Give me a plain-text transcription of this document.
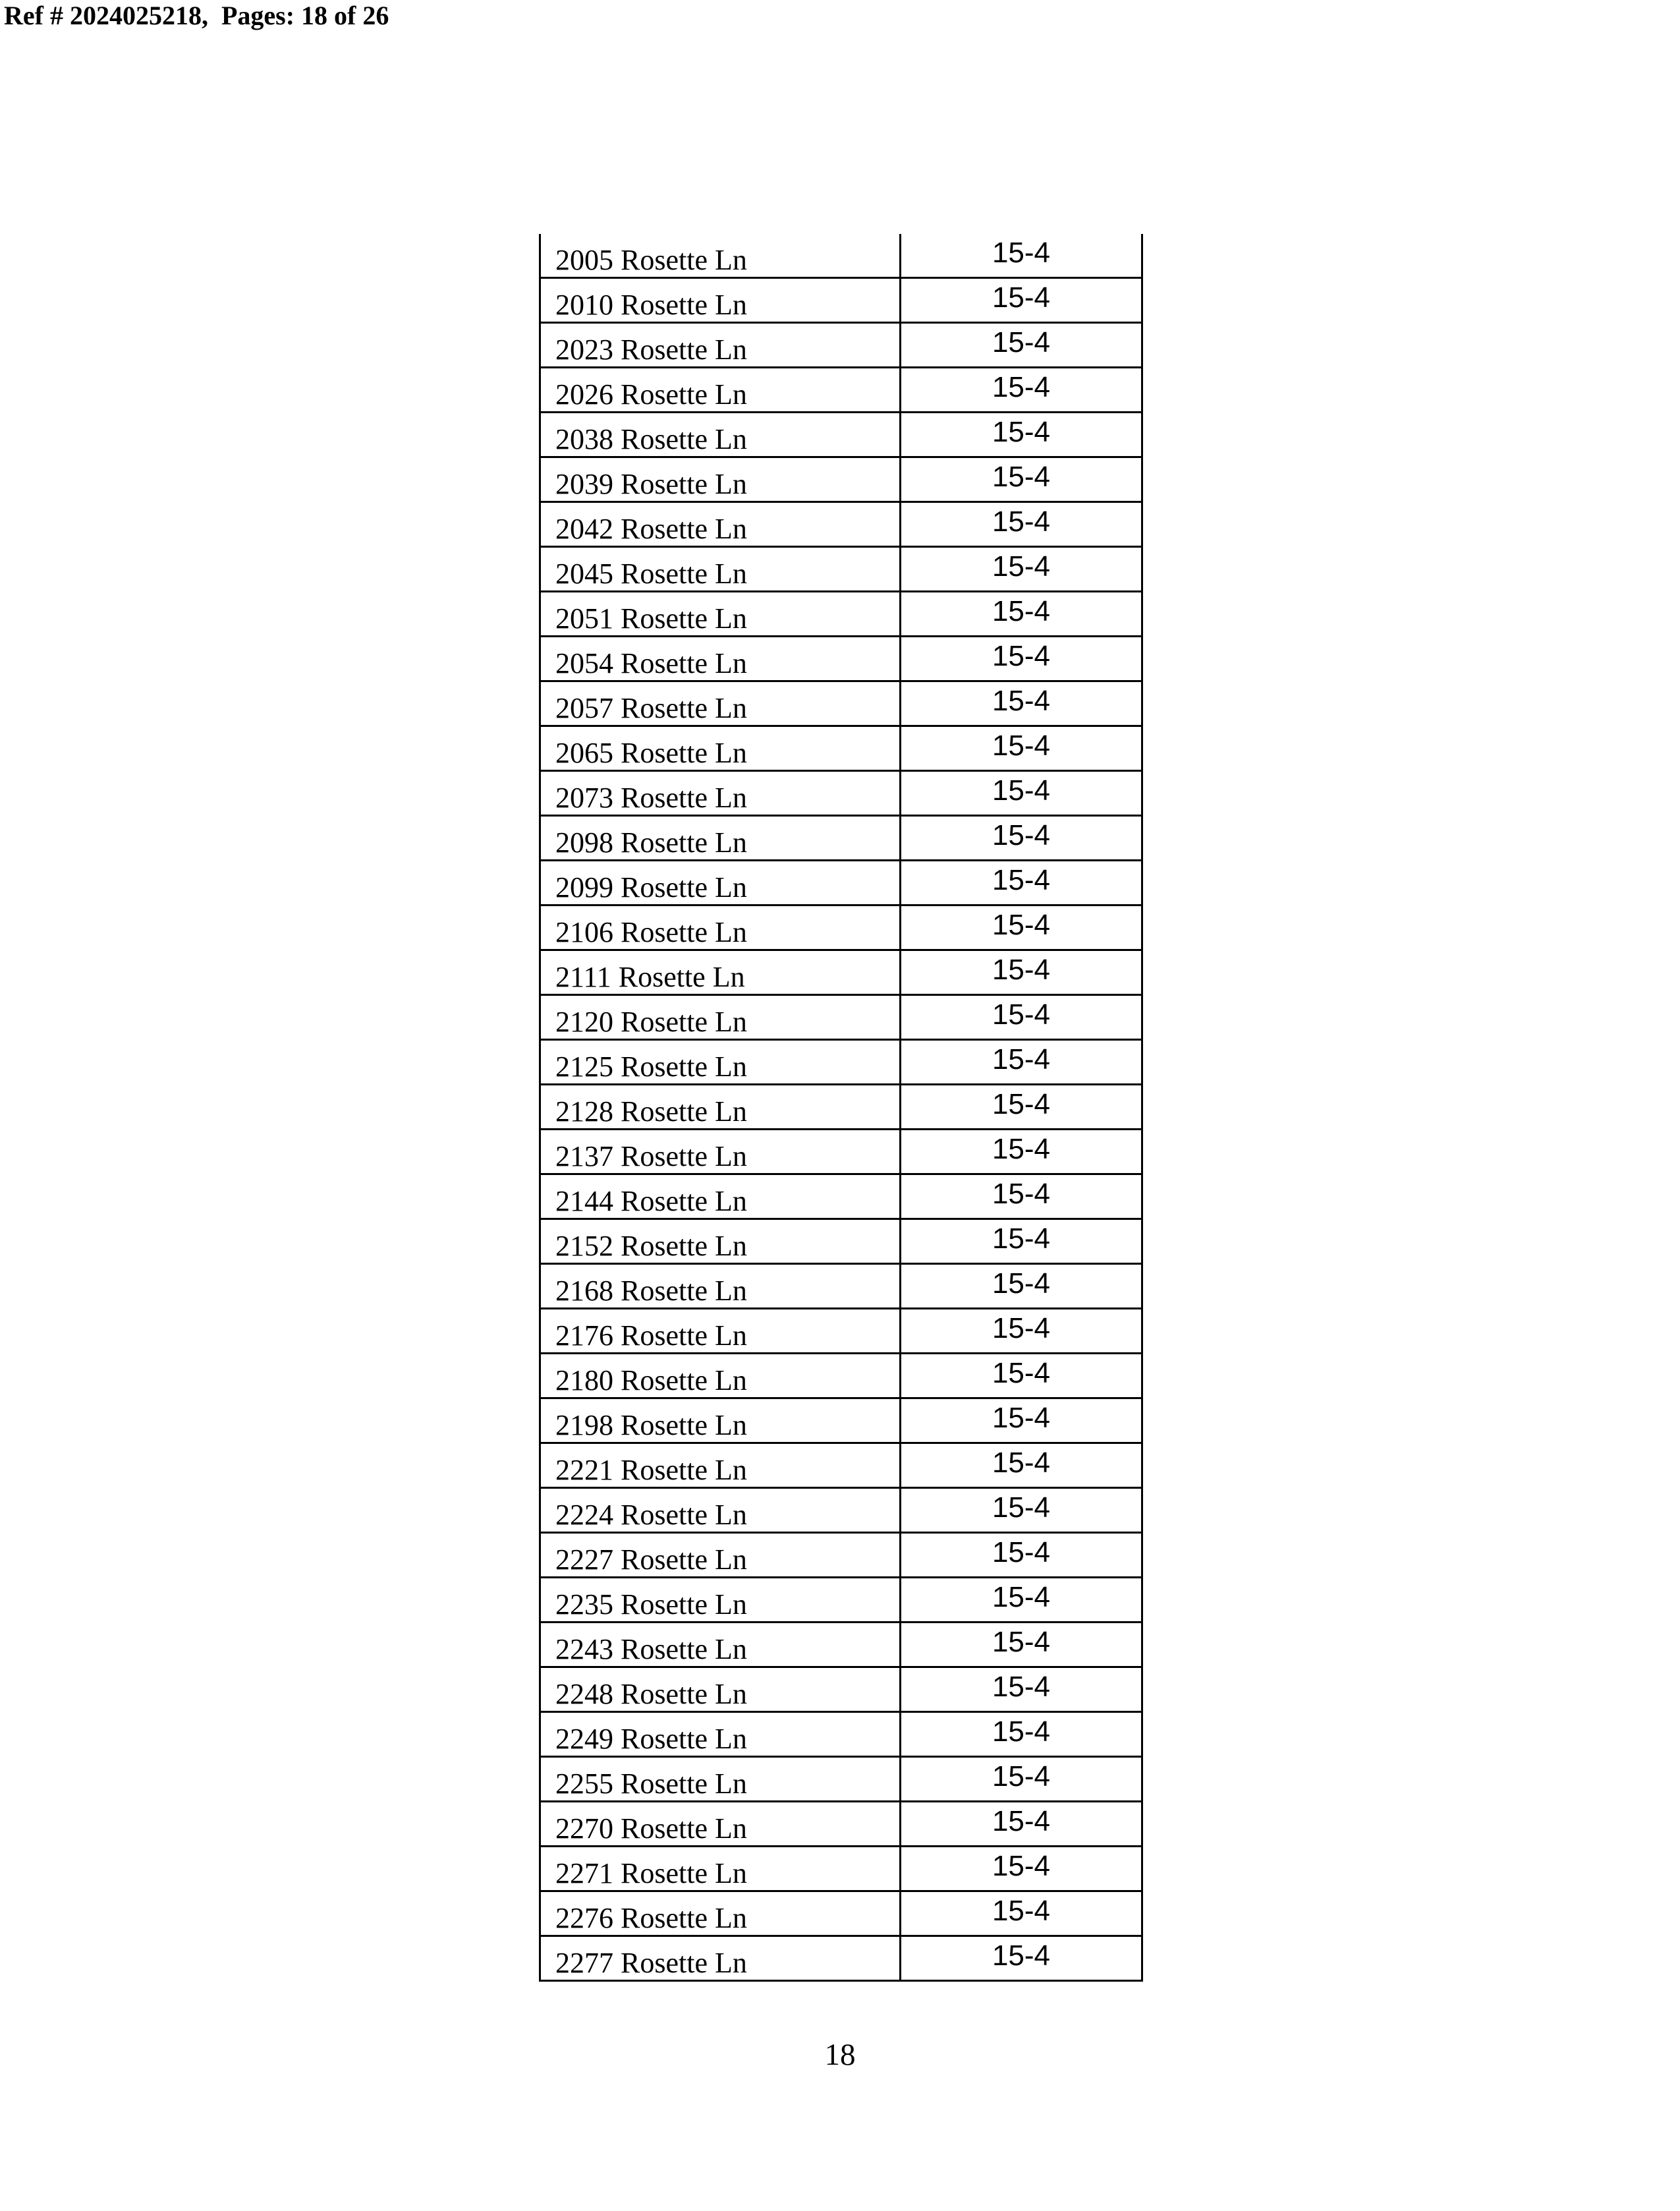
Ref # 2024025218,  Pages: 18 of 26
2005 Rosette Ln	15-4
2010 Rosette Ln	15-4
2023 Rosette Ln	15-4
2026 Rosette Ln	15-4
2038 Rosette Ln	15-4
2039 Rosette Ln	15-4
2042 Rosette Ln	15-4
2045 Rosette Ln	15-4
2051 Rosette Ln	15-4
2054 Rosette Ln	15-4
2057 Rosette Ln	15-4
2065 Rosette Ln	15-4
2073 Rosette Ln	15-4
2098 Rosette Ln	15-4
2099 Rosette Ln	15-4
2106 Rosette Ln	15-4
2111 Rosette Ln	15-4
2120 Rosette Ln	15-4
2125 Rosette Ln	15-4
2128 Rosette Ln	15-4
2137 Rosette Ln	15-4
2144 Rosette Ln	15-4
2152 Rosette Ln	15-4
2168 Rosette Ln	15-4
2176 Rosette Ln	15-4
2180 Rosette Ln	15-4
2198 Rosette Ln	15-4
2221 Rosette Ln	15-4
2224 Rosette Ln	15-4
2227 Rosette Ln	15-4
2235 Rosette Ln	15-4
2243 Rosette Ln	15-4
2248 Rosette Ln	15-4
2249 Rosette Ln	15-4
2255 Rosette Ln	15-4
2270 Rosette Ln	15-4
2271 Rosette Ln	15-4
2276 Rosette Ln	15-4
2277 Rosette Ln	15-4
18
